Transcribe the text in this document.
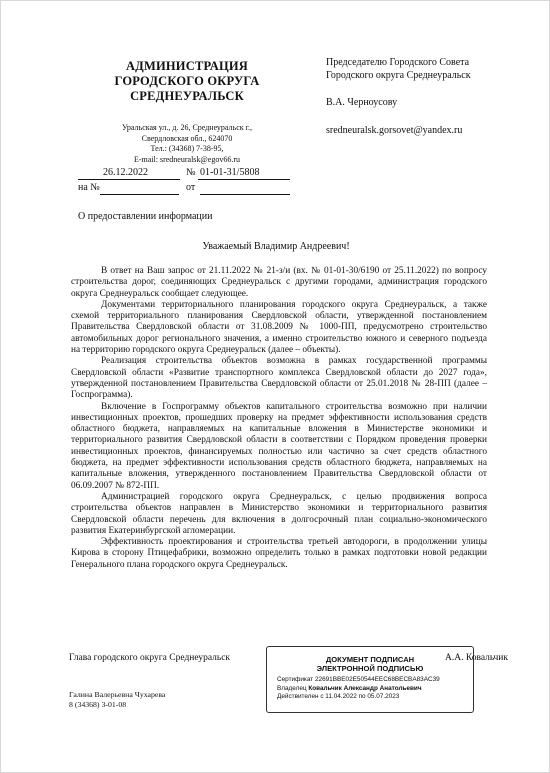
АДМИНИСТРАЦИЯ
ГОРОДСКОГО ОКРУГА
СРЕДНЕУРАЛЬСК
Уральская ул., д. 26, Среднеуральск г.,
Свердловская обл., 624070
Тел.: (34368) 7-38-95,
E-mail: sredneuralsk@egov66.ru
Председателю Городского Совета
Городского округа Среднеуральск
В.А. Черноусову
sredneuralsk.gorsovet@yandex.ru
26.12.2022	№ 01-01-31/5808
на №	от
О предоставлении информации
Уважаемый Владимир Андреевич!

В ответ на Ваш запрос от 21.11.2022 № 21-з/и (вх. № 01-01-30/6190 от 25.11.2022) по вопросу строительства дорог, соединяющих Среднеуральск с другими городами, администрация городского округа Среднеуральск сообщает следующее.

Документами территориального планирования городского округа Среднеуральск, а также схемой территориального планирования Свердловской области, утвержденной постановлением Правительства Свердловской области от 31.08.2009 № 1000-ПП, предусмотрено строительство автомобильных дорог регионального значения, а именно строительство южного и северного подъезда на территорию городского округа Среднеуральск (далее – объекты).

Реализация строительства объектов возможна в рамках государственной программы Свердловской области «Развитие транспортного комплекса Свердловской области до 2027 года», утвержденной постановлением Правительства Свердловской области от 25.01.2018 № 28-ПП (далее – Госпрограмма).

Включение в Госпрограмму объектов капитального строительства возможно при наличии инвестиционных проектов, прошедших проверку на предмет эффективности использования средств областного бюджета, направляемых на капитальные вложения в Министерстве экономики и территориального развития Свердловской области в соответствии с Порядком проведения проверки инвестиционных проектов, финансируемых полностью или частично за счет средств областного бюджета, на предмет эффективности использования средств областного бюджета, направляемых на капитальные вложения, утвержденного постановлением Правительства Свердловской области от 06.09.2007 № 872-ПП.

Администрацией городского округа Среднеуральск, с целью продвижения вопроса строительства объектов направлен в Министерство экономики и территориального развития Свердловской области перечень для включения в долгосрочный план социально-экономического развития Екатеринбургской агломерации.

Эффективность проектирования и строительства третьей автодороги, в продолжении улицы Кирова в сторону Птицефабрики, возможно определить только в рамках подготовки новой редакции Генерального плана городского округа Среднеуральск.

Глава городского округа Среднеуральск	ДОКУМЕНТ ПОДПИСАН
ЭЛЕКТРОННОЙ ПОДПИСЬЮ
Сертификат 22691BBE02E50544EEC68BECBA83AC39
Владелец Ковальчик Александр Анатольевич
Действителен с 11.04.2022 по 05.07.2023
А.А. Ковальчик
Галина Валерьевна Чухарева
8 (34368) 3-01-08
